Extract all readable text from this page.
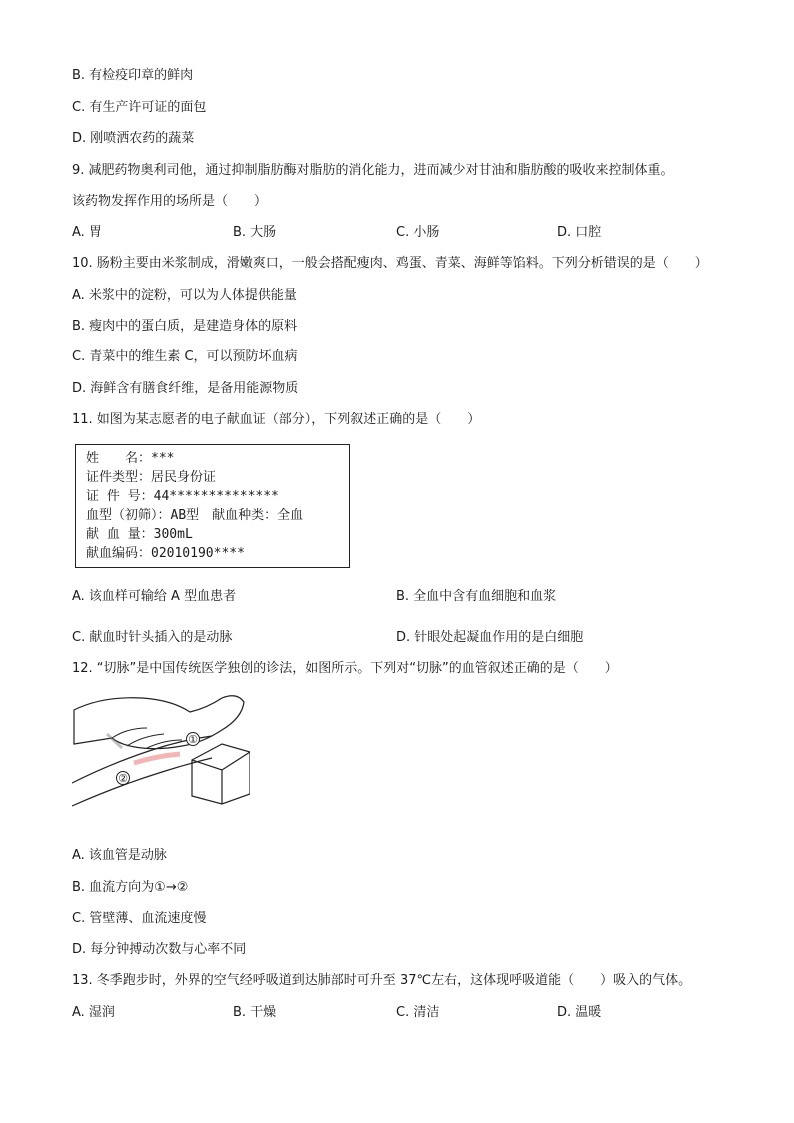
B. 有检疫印章的鲜肉
C. 有生产许可证的面包
D. 刚喷洒农药的蔬菜
9. 减肥药物奥利司他，通过抑制脂肪酶对脂肪的消化能力，进而减少对甘油和脂肪酸的吸收来控制体重。
该药物发挥作用的场所是（　　）
A. 胃	B. 大肠	C. 小肠	D. 口腔
10. 肠粉主要由米浆制成，滑嫩爽口，一般会搭配瘦肉、鸡蛋、青菜、海鲜等馅料。下列分析错误的是（　　）
A. 米浆中的淀粉，可以为人体提供能量
B. 瘦肉中的蛋白质，是建造身体的原料
C. 青菜中的维生素 C，可以预防坏血病
D. 海鲜含有膳食纤维，是备用能源物质
11. 如图为某志愿者的电子献血证（部分），下列叙述正确的是（　　）
姓　　名：***
证件类型：居民身份证
证 件 号：44**************
血型（初筛）：AB型　献血种类：全血
献 血 量：300mL
献血编码：02010190****
A. 该血样可输给 A 型血患者	B. 全血中含有血细胞和血浆
C. 献血时针头插入的是动脉	D. 针眼处起凝血作用的是白细胞
12. “切脉”是中国传统医学独创的诊法，如图所示。下列对“切脉”的血管叙述正确的是（　　）
①
②
A. 该血管是动脉
B. 血流方向为①→②
C. 管壁薄、血流速度慢
D. 每分钟搏动次数与心率不同
13. 冬季跑步时，外界的空气经呼吸道到达肺部时可升至 37℃左右，这体现呼吸道能（　　）吸入的气体。
A. 湿润	B. 干燥	C. 清洁	D. 温暖
